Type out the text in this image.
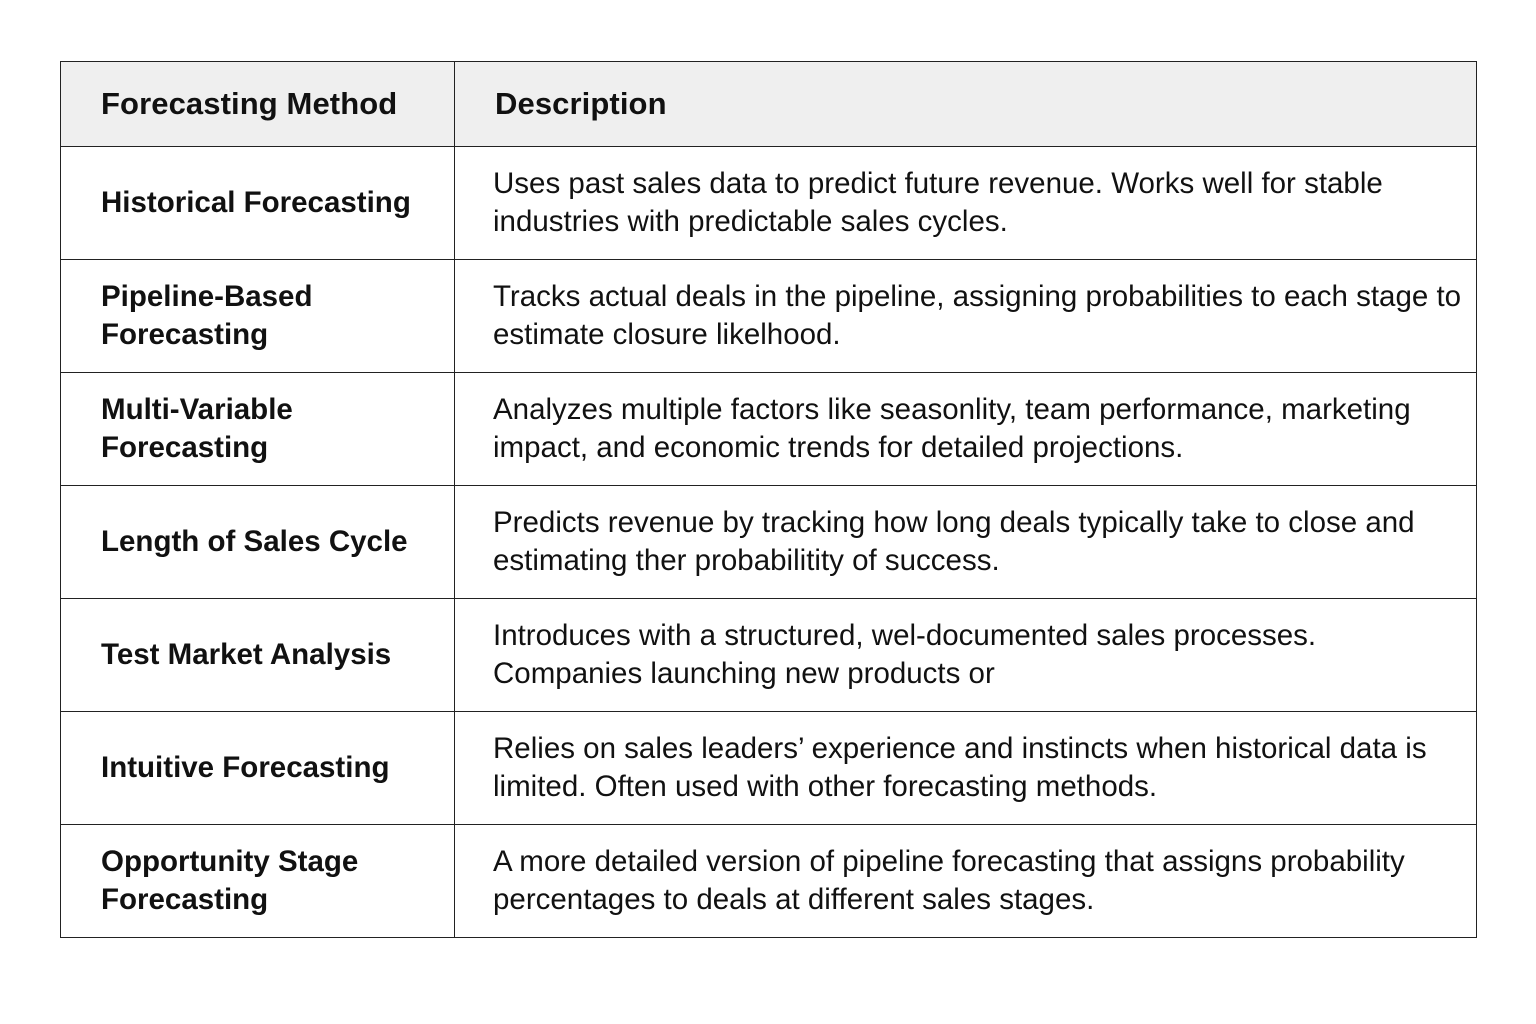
Forecasting Method	Description
Historical Forecasting	Uses past sales data to predict future revenue. Works well for stable industries with predictable sales cycles.
Pipeline-Based Forecasting	Tracks actual deals in the pipeline, assigning probabilities to each stage to estimate closure likelhood.
Multi-Variable Forecasting	Analyzes multiple factors like seasonlity, team performance, marketing impact, and economic trends for detailed projections.
Length of Sales Cycle	Predicts revenue by tracking how long deals typically take to close and estimating ther probabilitity of success.
Test Market Analysis	Introduces with a structured, wel-documented sales processes. Companies launching new products or
Intuitive Forecasting	Relies on sales leaders’ experience and instincts when historical data is limited. Often used with other forecasting methods.
Opportunity Stage Forecasting	A more detailed version of pipeline forecasting that assigns probability percentages to deals at different sales stages.
